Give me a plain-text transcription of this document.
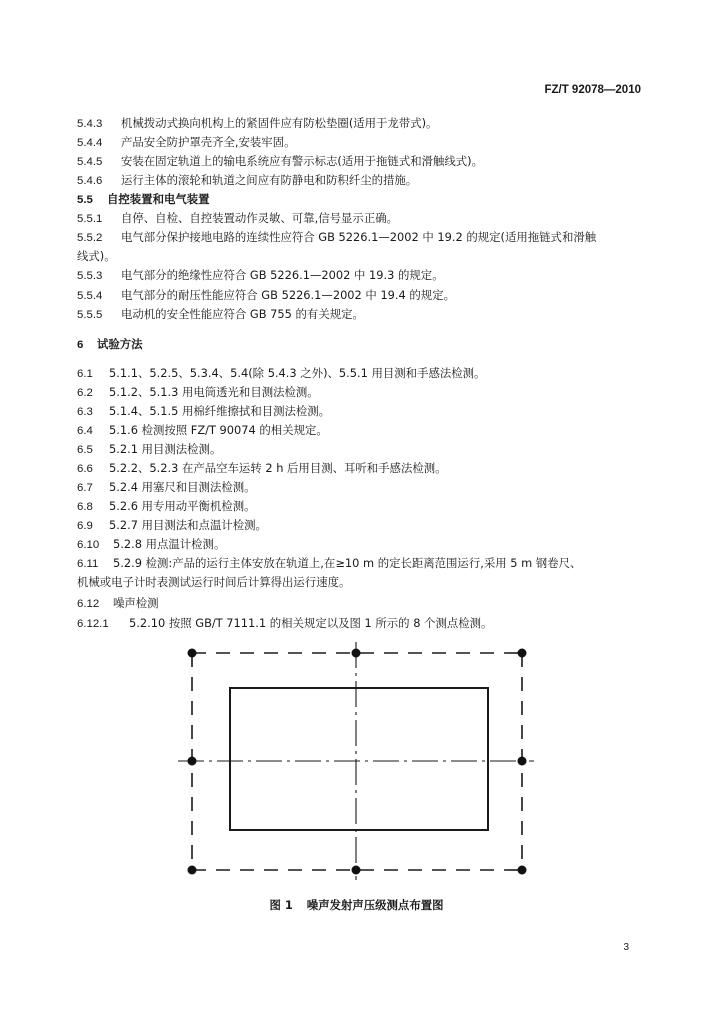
FZ/T 92078—2010
5.4.3 机械拨动式换向机构上的紧固件应有防松垫圈(适用于龙带式)。
5.4.4 产品安全防护罩壳齐全,安装牢固。
5.4.5 安装在固定轨道上的输电系统应有警示标志(适用于拖链式和滑触线式)。
5.4.6 运行主体的滚轮和轨道之间应有防静电和防积纤尘的措施。
5.5 自控装置和电气装置
5.5.1 自停、自检、自控装置动作灵敏、可靠,信号显示正确。
5.5.2 电气部分保护接地电路的连续性应符合 GB 5226.1—2002 中 19.2 的规定(适用拖链式和滑触
线式)。
5.5.3 电气部分的绝缘性应符合 GB 5226.1—2002 中 19.3 的规定。
5.5.4 电气部分的耐压性能应符合 GB 5226.1—2002 中 19.4 的规定。
5.5.5 电动机的安全性能应符合 GB 755 的有关规定。
6 试验方法
6.1 5.1.1、5.2.5、5.3.4、5.4(除 5.4.3 之外)、5.5.1 用目测和手感法检测。
6.2 5.1.2、5.1.3 用电筒透光和目测法检测。
6.3 5.1.4、5.1.5 用棉纤维擦拭和目测法检测。
6.4 5.1.6 检测按照 FZ/T 90074 的相关规定。
6.5 5.2.1 用目测法检测。
6.6 5.2.2、5.2.3 在产品空车运转 2 h 后用目测、耳听和手感法检测。
6.7 5.2.4 用塞尺和目测法检测。
6.8 5.2.6 用专用动平衡机检测。
6.9 5.2.7 用目测法和点温计检测。
6.10 5.2.8 用点温计检测。
6.11 5.2.9 检测:产品的运行主体安放在轨道上,在≥10 m 的定长距离范围运行,采用 5 m 钢卷尺、
机械或电子计时表测试运行时间后计算得出运行速度。
6.12 噪声检测
6.12.1 5.2.10 按照 GB/T 7111.1 的相关规定以及图 1 所示的 8 个测点检测。
图 1 噪声发射声压级测点布置图
3
